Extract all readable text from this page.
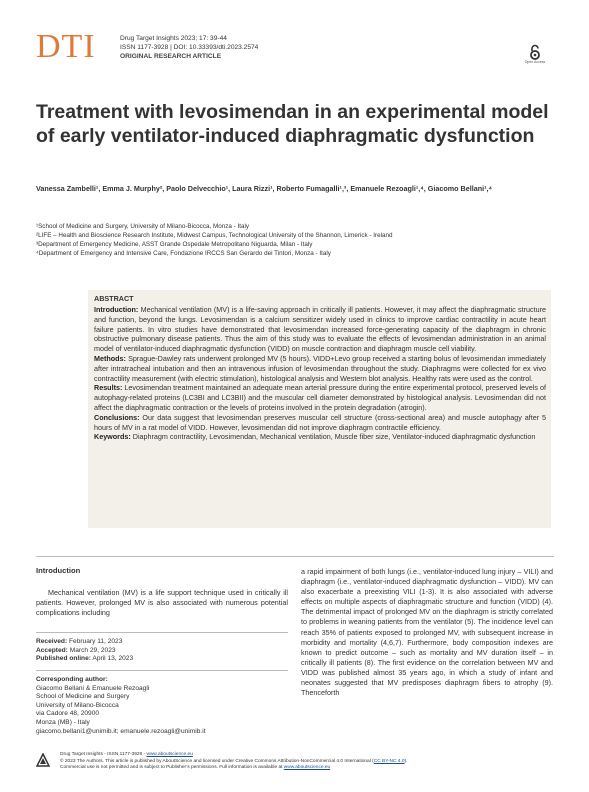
DTI	Drug Target Insights 2023; 17: 39-44
ISSN 1177-3928 | DOI: 10.33393/dti.2023.2574
ORIGINAL RESEARCH ARTICLE
Open Access
Treatment with levosimendan in an experimental model of early ventilator-induced diaphragmatic dysfunction
Vanessa Zambelli¹, Emma J. Murphy², Paolo Delvecchio¹, Laura Rizzi¹, Roberto Fumagalli¹,³, Emanuele Rezoagli¹,⁴, Giacomo Bellani¹,⁴
¹School of Medicine and Surgery, University of Milano-Bicocca, Monza - Italy
²LIFE – Health and Bioscience Research Institute, Midwest Campus, Technological University of the Shannon, Limerick - Ireland
³Department of Emergency Medicine, ASST Grande Ospedale Metropolitano Niguarda, Milan - Italy
⁴Department of Emergency and Intensive Care, Fondazione IRCCS San Gerardo dei Tintori, Monza - Italy
ABSTRACT

Introduction: Mechanical ventilation (MV) is a life-saving approach in critically ill patients. However, it may affect the diaphragmatic structure and function, beyond the lungs. Levosimendan is a calcium sensitizer widely used in clinics to improve cardiac contractility in acute heart failure patients. In vitro studies have demonstrated that levosimendan increased force-generating capacity of the diaphragm in chronic obstructive pulmonary disease patients. Thus the aim of this study was to evaluate the effects of levosimendan administration in an animal model of ventilator-induced diaphragmatic dysfunction (VIDD) on muscle contraction and diaphragm muscle cell viability.

Methods: Sprague-Dawley rats underwent prolonged MV (5 hours). VIDD+Levo group received a starting bolus of levosimendan immediately after intratracheal intubation and then an intravenous infusion of levosimendan throughout the study. Diaphragms were collected for ex vivo contractility measurement (with electric stimulation), histological analysis and Western blot analysis. Healthy rats were used as the control.

Results: Levosimendan treatment maintained an adequate mean arterial pressure during the entire experimental protocol, preserved levels of autophagy-related proteins (LC3BI and LC3BII) and the muscular cell diameter demonstrated by histological analysis. Levosimendan did not affect the diaphragmatic contraction or the levels of proteins involved in the protein degradation (atrogin).

Conclusions: Our data suggest that levosimendan preserves muscular cell structure (cross-sectional area) and muscle autophagy after 5 hours of MV in a rat model of VIDD. However, levosimendan did not improve diaphragm contractile efficiency.

Keywords: Diaphragm contractility, Levosimendan, Mechanical ventilation, Muscle fiber size, Ventilator-induced diaphragmatic dysfunction

Introduction
Mechanical ventilation (MV) is a life support technique used in critically ill patients. However, prolonged MV is also associated with numerous potential complications including
Received: February 11, 2023
Accepted: March 29, 2023
Published online: April 13, 2023
Corresponding author:
Giacomo Bellani & Emanuele Rezoagli
School of Medicine and Surgery
University of Milano-Bicocca
via Cadore 48, 20900
Monza (MB) - Italy
giacomo.bellani1@unimib.it; emanuele.rezoagli@unimib.it
a rapid impairment of both lungs (i.e., ventilator-induced lung injury – VILI) and diaphragm (i.e., ventilator-induced diaphragmatic dysfunction – VIDD). MV can also exacerbate a preexisting VILI (1-3). It is also associated with adverse effects on multiple aspects of diaphragmatic structure and function (VIDD) (4). The detrimental impact of prolonged MV on the diaphragm is strictly correlated to problems in weaning patients from the ventilator (5). The incidence level can reach 35% of patients exposed to prolonged MV, with subsequent increase in morbidity and mortality (4,6,7). Furthermore, body composition indexes are known to predict outcome – such as mortality and MV duration itself – in critically ill patients (8). The first evidence on the correlation between MV and VIDD was published almost 35 years ago, in which a study of infant and neonates suggested that MV predisposes diaphragm fibers to atrophy (9). Thenceforth
Drug Target Insights - ISSN 1177-3928 - www.aboutscience.eu
© 2023 The Authors. This article is published by AboutScience and licensed under Creative Commons Attribution-NonCommercial 4.0 International (CC BY-NC 4.0).
Commercial use is not permitted and is subject to Publisher’s permissions. Full information is available at www.aboutscience.eu
